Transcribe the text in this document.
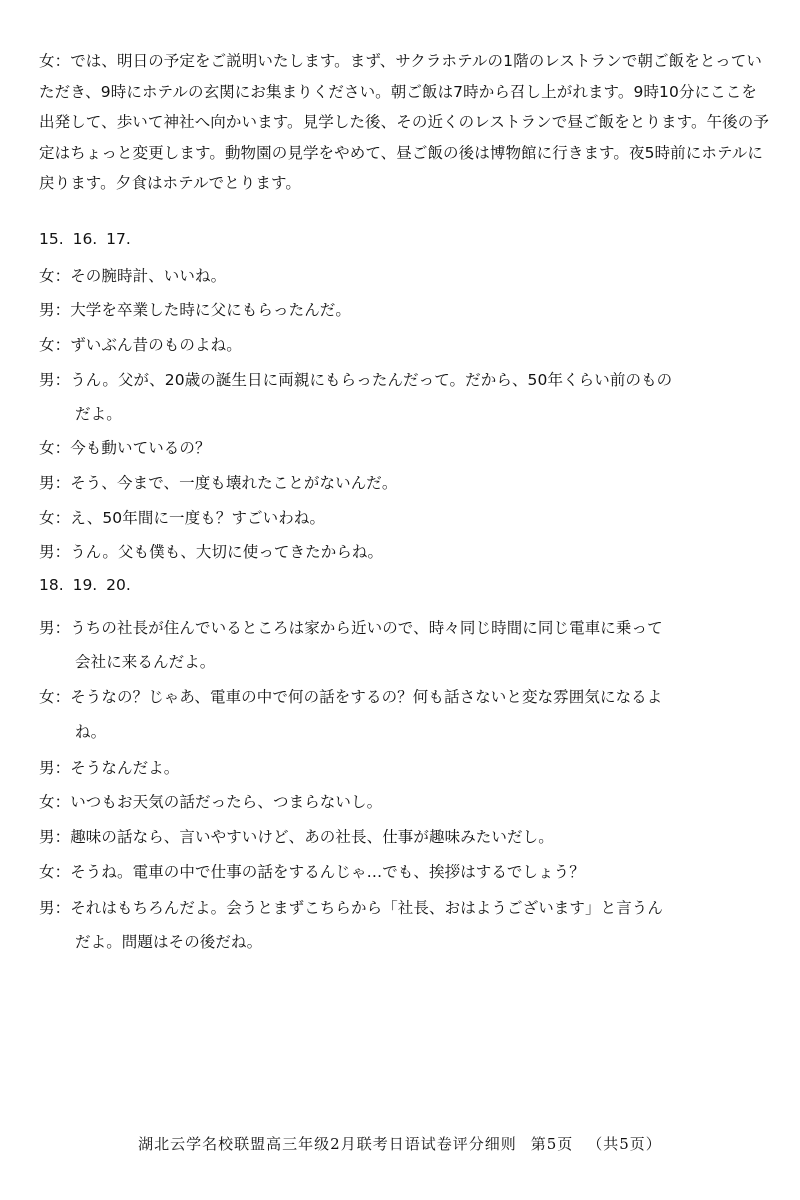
女：では、明日の予定をご説明いたします。まず、サクラホテルの1階のレストランで朝ご飯をとっていただき、9時にホテルの玄関にお集まりください。朝ご飯は7時から召し上がれます。9時10分にここを出発して、歩いて神社へ向かいます。見学した後、その近くのレストランで昼ご飯をとります。午後の予定はちょっと変更します。動物園の見学をやめて、昼ご飯の後は博物館に行きます。夜5時前にホテルに戻ります。夕食はホテルでとります。
15. 16. 17.
女：その腕時計、いいね。
男：大学を卒業した時に父にもらったんだ。
女：ずいぶん昔のものよね。
男：うん。父が、20歳の誕生日に両親にもらったんだって。だから、50年くらい前のもの
だよ。
女：今も動いているの？
男：そう、今まで、一度も壊れたことがないんだ。
女：え、50年間に一度も？すごいわね。
男：うん。父も僕も、大切に使ってきたからね。
18. 19. 20.
男：うちの社長が住んでいるところは家から近いので、時々同じ時間に同じ電車に乗って
会社に来るんだよ。
女：そうなの？じゃあ、電車の中で何の話をするの？何も話さないと変な雰囲気になるよ
ね。
男：そうなんだよ。
女：いつもお天気の話だったら、つまらないし。
男：趣味の話なら、言いやすいけど、あの社長、仕事が趣味みたいだし。
女：そうね。電車の中で仕事の話をするんじゃ…でも、挨拶はするでしょう？
男：それはもちろんだよ。会うとまずこちらから「社長、おはようございます」と言うん
だよ。問題はその後だね。
湖北云学名校联盟高三年级2月联考日语试卷评分细则 第5页 （共5页）
